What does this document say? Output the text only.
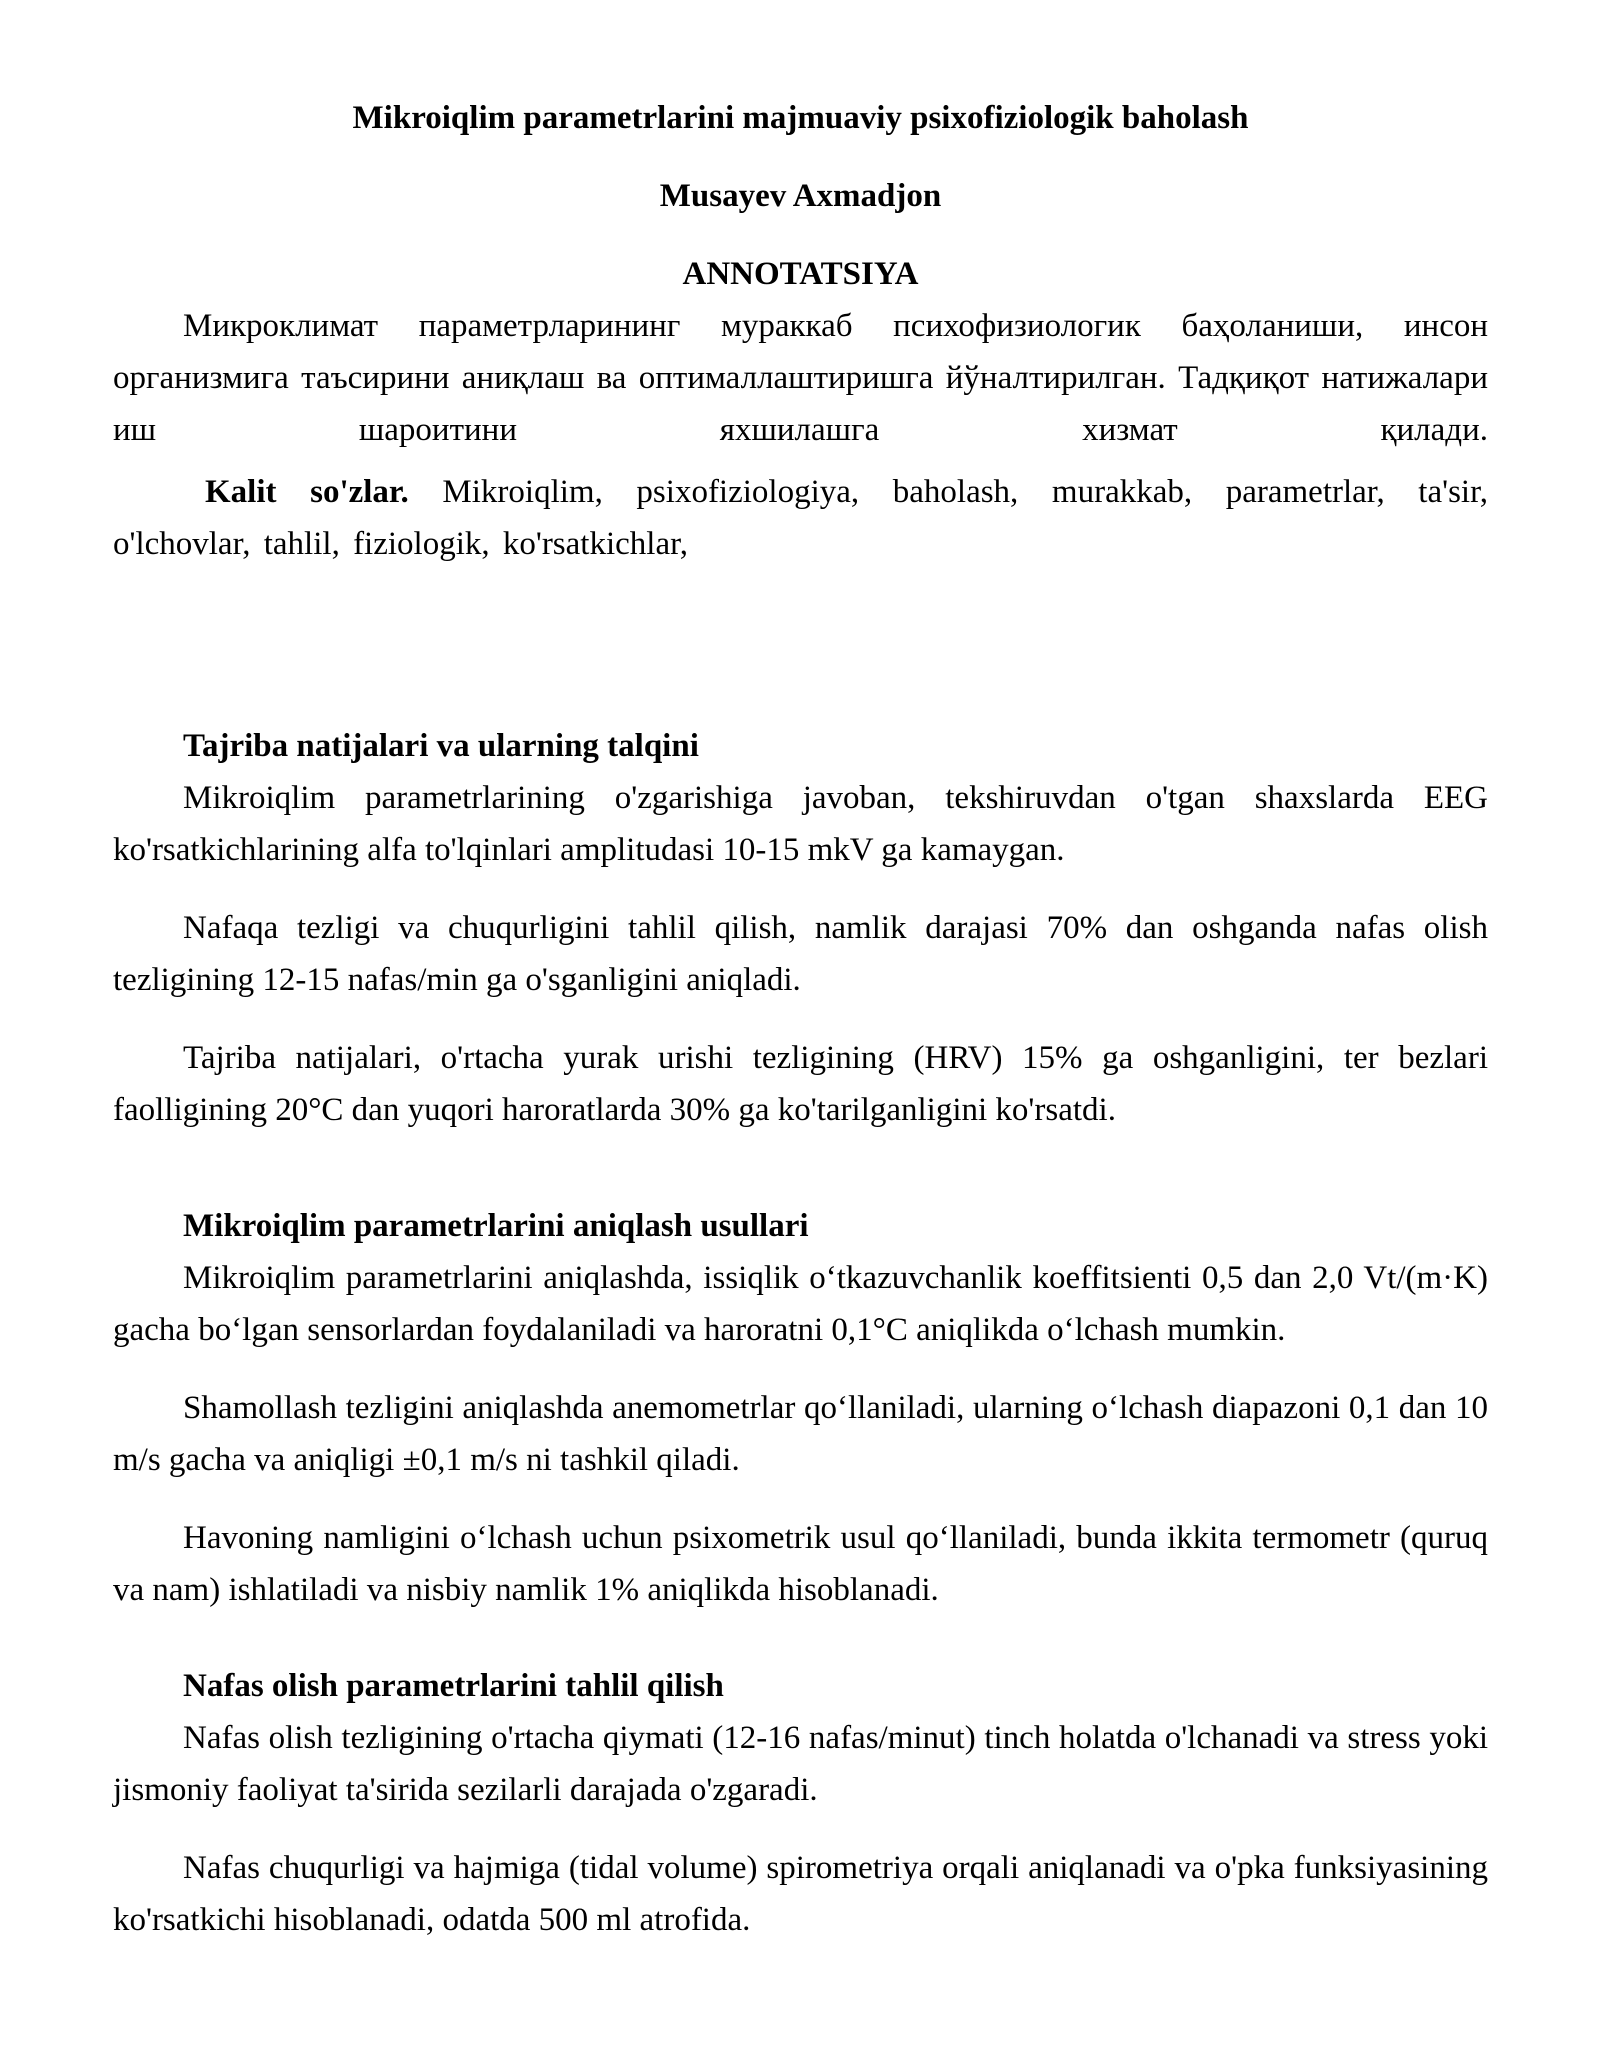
Mikroiqlim parametrlarini majmuaviy psixofiziologik baholash

Musayev Axmadjon

ANNOTATSIYA

Микроклимат параметрларининг мураккаб психофизиологик баҳоланиши, инсон организмига таъсирини аниқлаш ва оптималлаштиришга йўналтирилган. Тадқиқот натижалари иш шароитини яхшилашга хизмат қилади.

Kalit so'zlar. Mikroiqlim, psixofiziologiya, baholash, murakkab, parametrlar, ta'sir, o'lchovlar, tahlil, fiziologik, ko'rsatkichlar,

Tajriba natijalari va ularning talqini

Mikroiqlim parametrlarining o'zgarishiga javoban, tekshiruvdan o'tgan shaxslarda EEG ko'rsatkichlarining alfa to'lqinlari amplitudasi 10-15 mkV ga kamaygan.

Nafaqa tezligi va chuqurligini tahlil qilish, namlik darajasi 70% dan oshganda nafas olish tezligining 12-15 nafas/min ga o'sganligini aniqladi.

Tajriba natijalari, o'rtacha yurak urishi tezligining (HRV) 15% ga oshganligini, ter bezlari faolligining 20°C dan yuqori haroratlarda 30% ga ko'tarilganligini ko'rsatdi.

Mikroiqlim parametrlarini aniqlash usullari

Mikroiqlim parametrlarini aniqlashda, issiqlik o‘tkazuvchanlik koeffitsienti 0,5 dan 2,0 Vt/(m·K) gacha bo‘lgan sensorlardan foydalaniladi va haroratni 0,1°C aniqlikda o‘lchash mumkin.

Shamollash tezligini aniqlashda anemometrlar qo‘llaniladi, ularning o‘lchash diapazoni 0,1 dan 10 m/s gacha va aniqligi ±0,1 m/s ni tashkil qiladi.

Havoning namligini o‘lchash uchun psixometrik usul qo‘llaniladi, bunda ikkita termometr (quruq va nam) ishlatiladi va nisbiy namlik 1% aniqlikda hisoblanadi.

Nafas olish parametrlarini tahlil qilish

Nafas olish tezligining o'rtacha qiymati (12-16 nafas/minut) tinch holatda o'lchanadi va stress yoki jismoniy faoliyat ta'sirida sezilarli darajada o'zgaradi.

Nafas chuqurligi va hajmiga (tidal volume) spirometriya orqali aniqlanadi va o'pka funksiyasining ko'rsatkichi hisoblanadi, odatda 500 ml atrofida.
